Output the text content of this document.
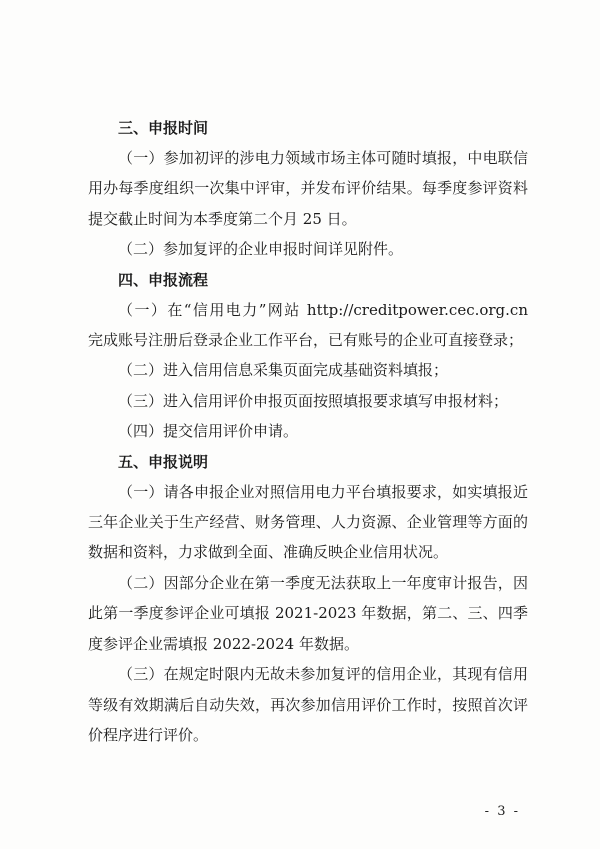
三、申报时间

（一）参加初评的涉电力领域市场主体可随时填报，中电联信用办每季度组织一次集中评审，并发布评价结果。每季度参评资料提交截止时间为本季度第二个月 25 日。

（二）参加复评的企业申报时间详见附件。

四、申报流程

（一）在“信用电力”网站 http://creditpower.cec.org.cn 完成账号注册后登录企业工作平台，已有账号的企业可直接登录；

（二）进入信用信息采集页面完成基础资料填报；

（三）进入信用评价申报页面按照填报要求填写申报材料；

（四）提交信用评价申请。

五、申报说明

（一）请各申报企业对照信用电力平台填报要求，如实填报近三年企业关于生产经营、财务管理、人力资源、企业管理等方面的数据和资料，力求做到全面、准确反映企业信用状况。

（二）因部分企业在第一季度无法获取上一年度审计报告，因此第一季度参评企业可填报 2021-2023 年数据，第二、三、四季度参评企业需填报 2022-2024 年数据。

（三）在规定时限内无故未参加复评的信用企业，其现有信用等级有效期满后自动失效，再次参加信用评价工作时，按照首次评价程序进行评价。

- 3 -
